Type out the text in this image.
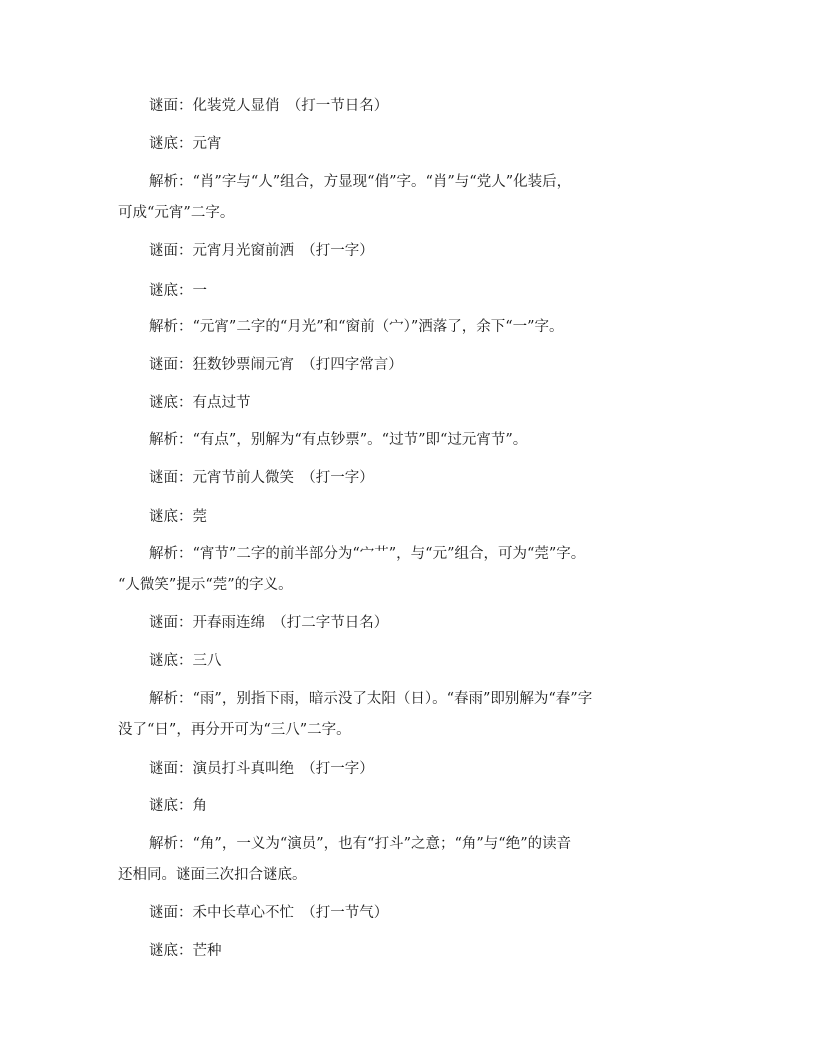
谜面：化装党人显俏　（打一节日名）
谜底：元宵
解析：“肖”字与“人”组合，方显现“俏”字。“肖”与“党人”化装后，
可成“元宵”二字。
谜面：元宵月光窗前洒　（打一字）
谜底：一
解析：“元宵”二字的“月光”和“窗前（宀）”洒落了，余下“一”字。
谜面：狂数钞票闹元宵　（打四字常言）
谜底：有点过节
解析：“有点”，别解为“有点钞票”。“过节”即“过元宵节”。
谜面：元宵节前人微笑　（打一字）
谜底：莞
解析：“宵节”二字的前半部分为“宀艹”，与“元”组合，可为“莞”字。
“人微笑”提示“莞”的字义。
谜面：开春雨连绵　（打二字节日名）
谜底：三八
解析：“雨”，别指下雨，暗示没了太阳（日）。“春雨”即别解为“春”字
没了“日”，再分开可为“三八”二字。
谜面：演员打斗真叫绝　（打一字）
谜底：角
解析：“角”，一义为“演员”，也有“打斗”之意；“角”与“绝”的读音
还相同。谜面三次扣合谜底。
谜面：禾中长草心不忙　（打一节气）
谜底：芒种
